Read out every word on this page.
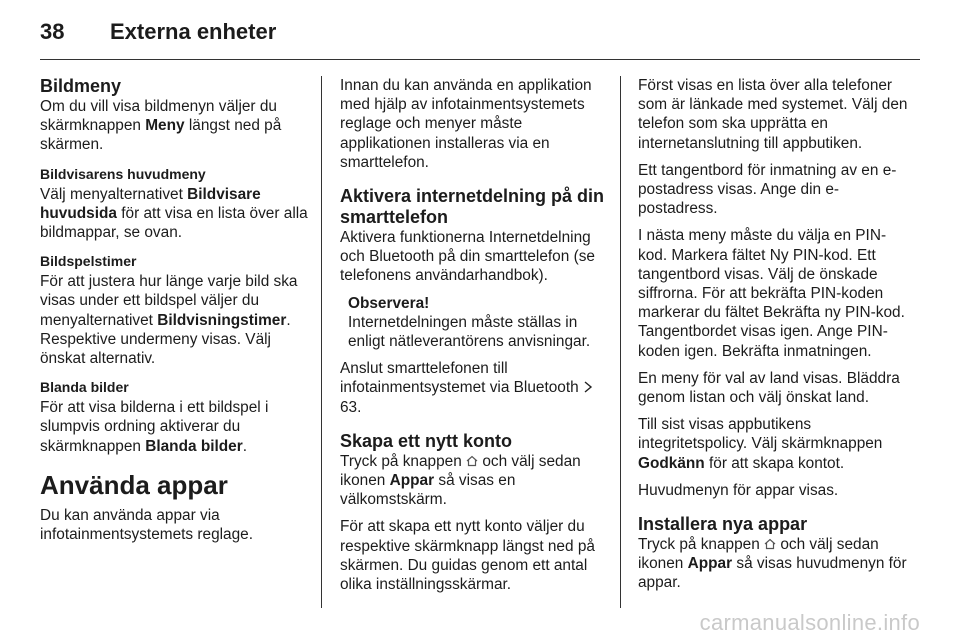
38	Externa enheter
Bildmeny

Om du vill visa bildmenyn väljer du skärmknappen Meny längst ned på skärmen.

Bildvisarens huvudmeny

Välj menyalternativet Bildvisare huvudsida för att visa en lista över alla bildmappar, se ovan.

Bildspelstimer

För att justera hur länge varje bild ska visas under ett bildspel väljer du menyalternativet Bildvisningstimer. Respektive undermeny visas. Välj önskat alternativ.

Blanda bilder

För att visa bilderna i ett bildspel i slumpvis ordning aktiverar du skärmknappen Blanda bilder.

Använda appar

Du kan använda appar via infotainmentsystemets reglage.

Innan du kan använda en applikation med hjälp av infotainmentsystemets reglage och menyer måste applikationen installeras via en smarttelefon.

Aktivera internetdelning på din smarttelefon

Aktivera funktionerna Internetdelning och Bluetooth på din smarttelefon (se telefonens användarhandbok).

Observera!
Internetdelningen måste ställas in enligt nätleverantörens anvisningar.

Anslut smarttelefonen till infotainmentsystemet via Bluetooth  63.

Skapa ett nytt konto

Tryck på knappen  och välj sedan ikonen Appar så visas en välkomstskärm.

För att skapa ett nytt konto väljer du respektive skärmknapp längst ned på skärmen. Du guidas genom ett antal olika inställningsskärmar.

Först visas en lista över alla telefoner som är länkade med systemet. Välj den telefon som ska upprätta en internetanslutning till appbutiken.

Ett tangentbord för inmatning av en e-postadress visas. Ange din e-postadress.

I nästa meny måste du välja en PIN-kod. Markera fältet Ny PIN-kod. Ett tangentbord visas. Välj de önskade siffrorna. För att bekräfta PIN-koden markerar du fältet Bekräfta ny PIN-kod. Tangentbordet visas igen. Ange PIN-koden igen. Bekräfta inmatningen.

En meny för val av land visas. Bläddra genom listan och välj önskat land.

Till sist visas appbutikens integritetspolicy. Välj skärmknappen Godkänn för att skapa kontot.

Huvudmenyn för appar visas.

Installera nya appar

Tryck på knappen  och välj sedan ikonen Appar så visas huvudmenyn för appar.

carmanualsonline.info
